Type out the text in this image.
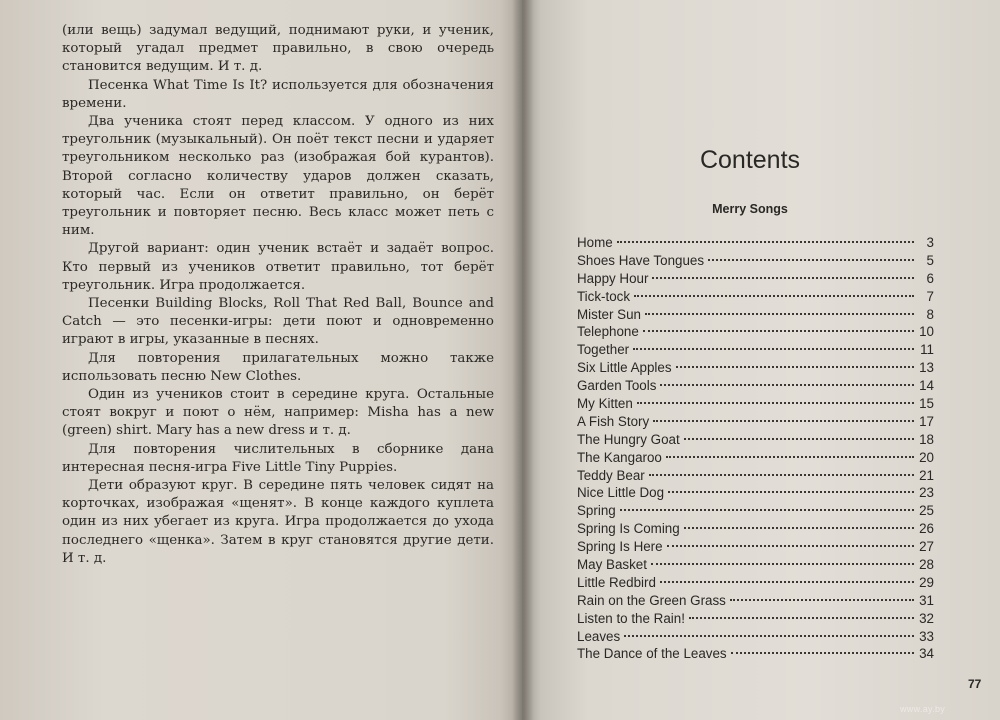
(или вещь) задумал ведущий, поднимают руки, и ученик, который угадал предмет правильно, в свою очередь становится ведущим. И т. д.

Песенка What Time Is It? используется для обозначения времени.

Два ученика стоят перед классом. У одного из них треугольник (музыкальный). Он поёт текст песни и ударяет треугольником несколько раз (изображая бой курантов). Второй согласно количеству ударов должен сказать, который час. Если он ответит правильно, он берёт треугольник и повторяет песню. Весь класс может петь с ним.

Другой вариант: один ученик встаёт и задаёт вопрос. Кто первый из учеников ответит правильно, тот берёт треугольник. Игра продолжается.

Песенки Building Blocks, Roll That Red Ball, Bounce and Catch — это песенки-игры: дети поют и одновременно играют в игры, указанные в песнях.

Для повторения прилагательных можно также использовать песню New Clothes.

Один из учеников стоит в середине круга. Остальные стоят вокруг и поют о нём, например: Misha has a new (green) shirt. Mary has a new dress и т. д.

Для повторения числительных в сборнике дана интересная песня-игра Five Little Tiny Puppies.

Дети образуют круг. В середине пять человек сидят на корточках, изображая «щенят». В конце каждого куплета один из них убегает из круга. Игра продолжается до ухода последнего «щенка». Затем в круг становятся другие дети. И т. д.

Contents
Merry Songs
Home	3
Shoes Have Tongues	5
Happy Hour	6
Tick-tock	7
Mister Sun	8
Telephone	10
Together	11
Six Little Apples	13
Garden Tools	14
My Kitten	15
A Fish Story	17
The Hungry Goat	18
The Kangaroo	20
Teddy Bear	21
Nice Little Dog	23
Spring	25
Spring Is Coming	26
Spring Is Here	27
May Basket	28
Little Redbird	29
Rain on the Green Grass	31
Listen to the Rain!	32
Leaves	33
The Dance of the Leaves	34
77
www.ay.by
